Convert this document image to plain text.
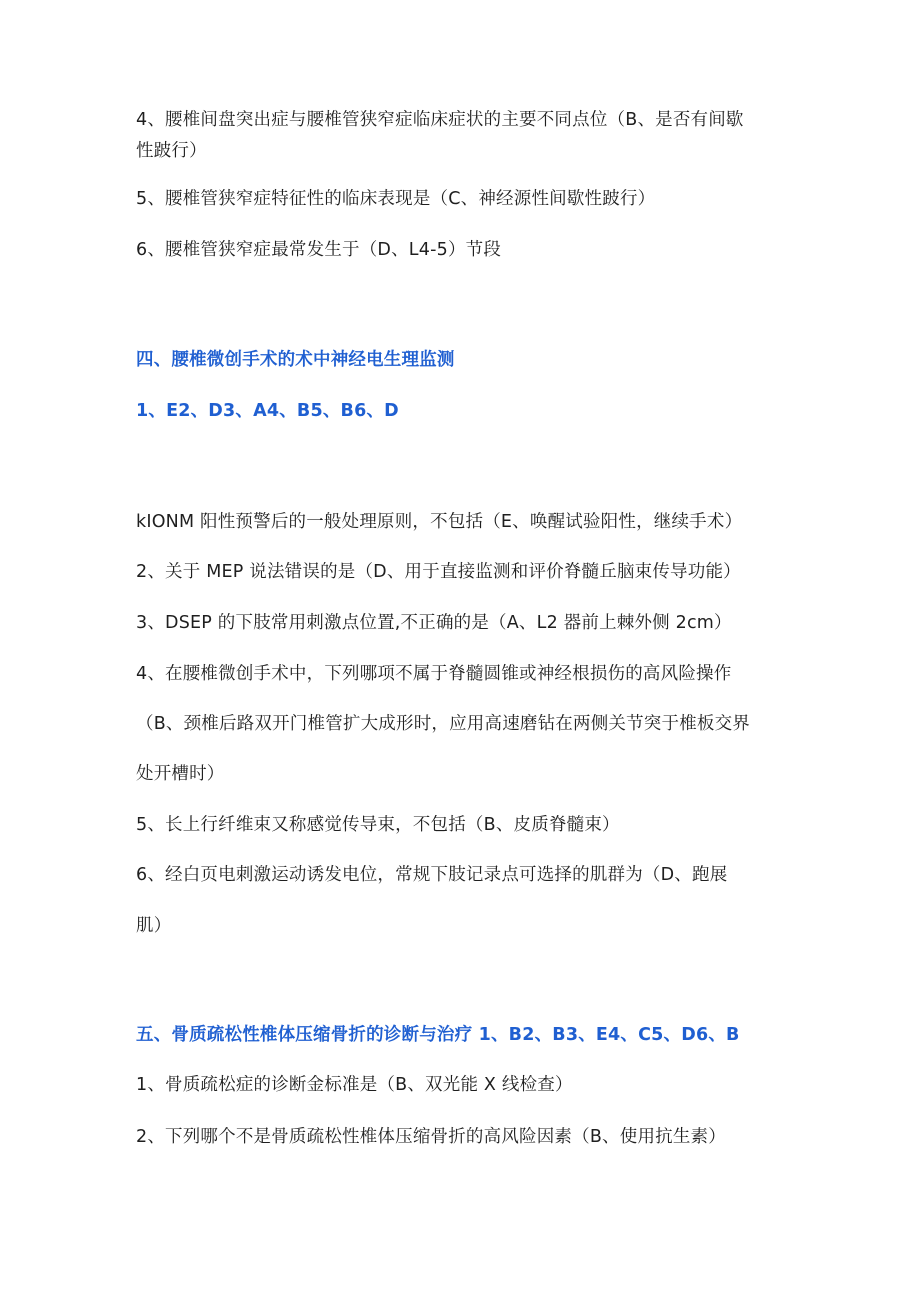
4、腰椎间盘突出症与腰椎管狭窄症临床症状的主要不同点位（B、是否有间歇
性跛行）
5、腰椎管狭窄症特征性的临床表现是（C、神经源性间歇性跛行）
6、腰椎管狭窄症最常发生于（D、L4-5）节段
四、腰椎微创手术的术中神经电生理监测
1、E2、D3、A4、B5、B6、D
kIONM 阳性预警后的一般处理原则，不包括（E、唤醒试验阳性，继续手术）
2、关于 MEP 说法错误的是（D、用于直接监测和评价脊髓丘脑束传导功能）
3、DSEP 的下肢常用刺激点位置,不正确的是（A、L2 器前上棘外侧 2cm）
4、在腰椎微创手术中，下列哪项不属于脊髓圆锥或神经根损伤的高风险操作
（B、颈椎后路双开门椎管扩大成形时，应用高速磨钻在两侧关节突于椎板交界
处开槽时）
5、长上行纤维束又称感觉传导束，不包括（B、皮质脊髓束）
6、经白页电刺激运动诱发电位，常规下肢记录点可选择的肌群为（D、跑展
肌）
五、骨质疏松性椎体压缩骨折的诊断与治疗 1、B2、B3、E4、C5、D6、B
1、骨质疏松症的诊断金标准是（B、双光能 X 线检查）
2、下列哪个不是骨质疏松性椎体压缩骨折的高风险因素（B、使用抗生素）
